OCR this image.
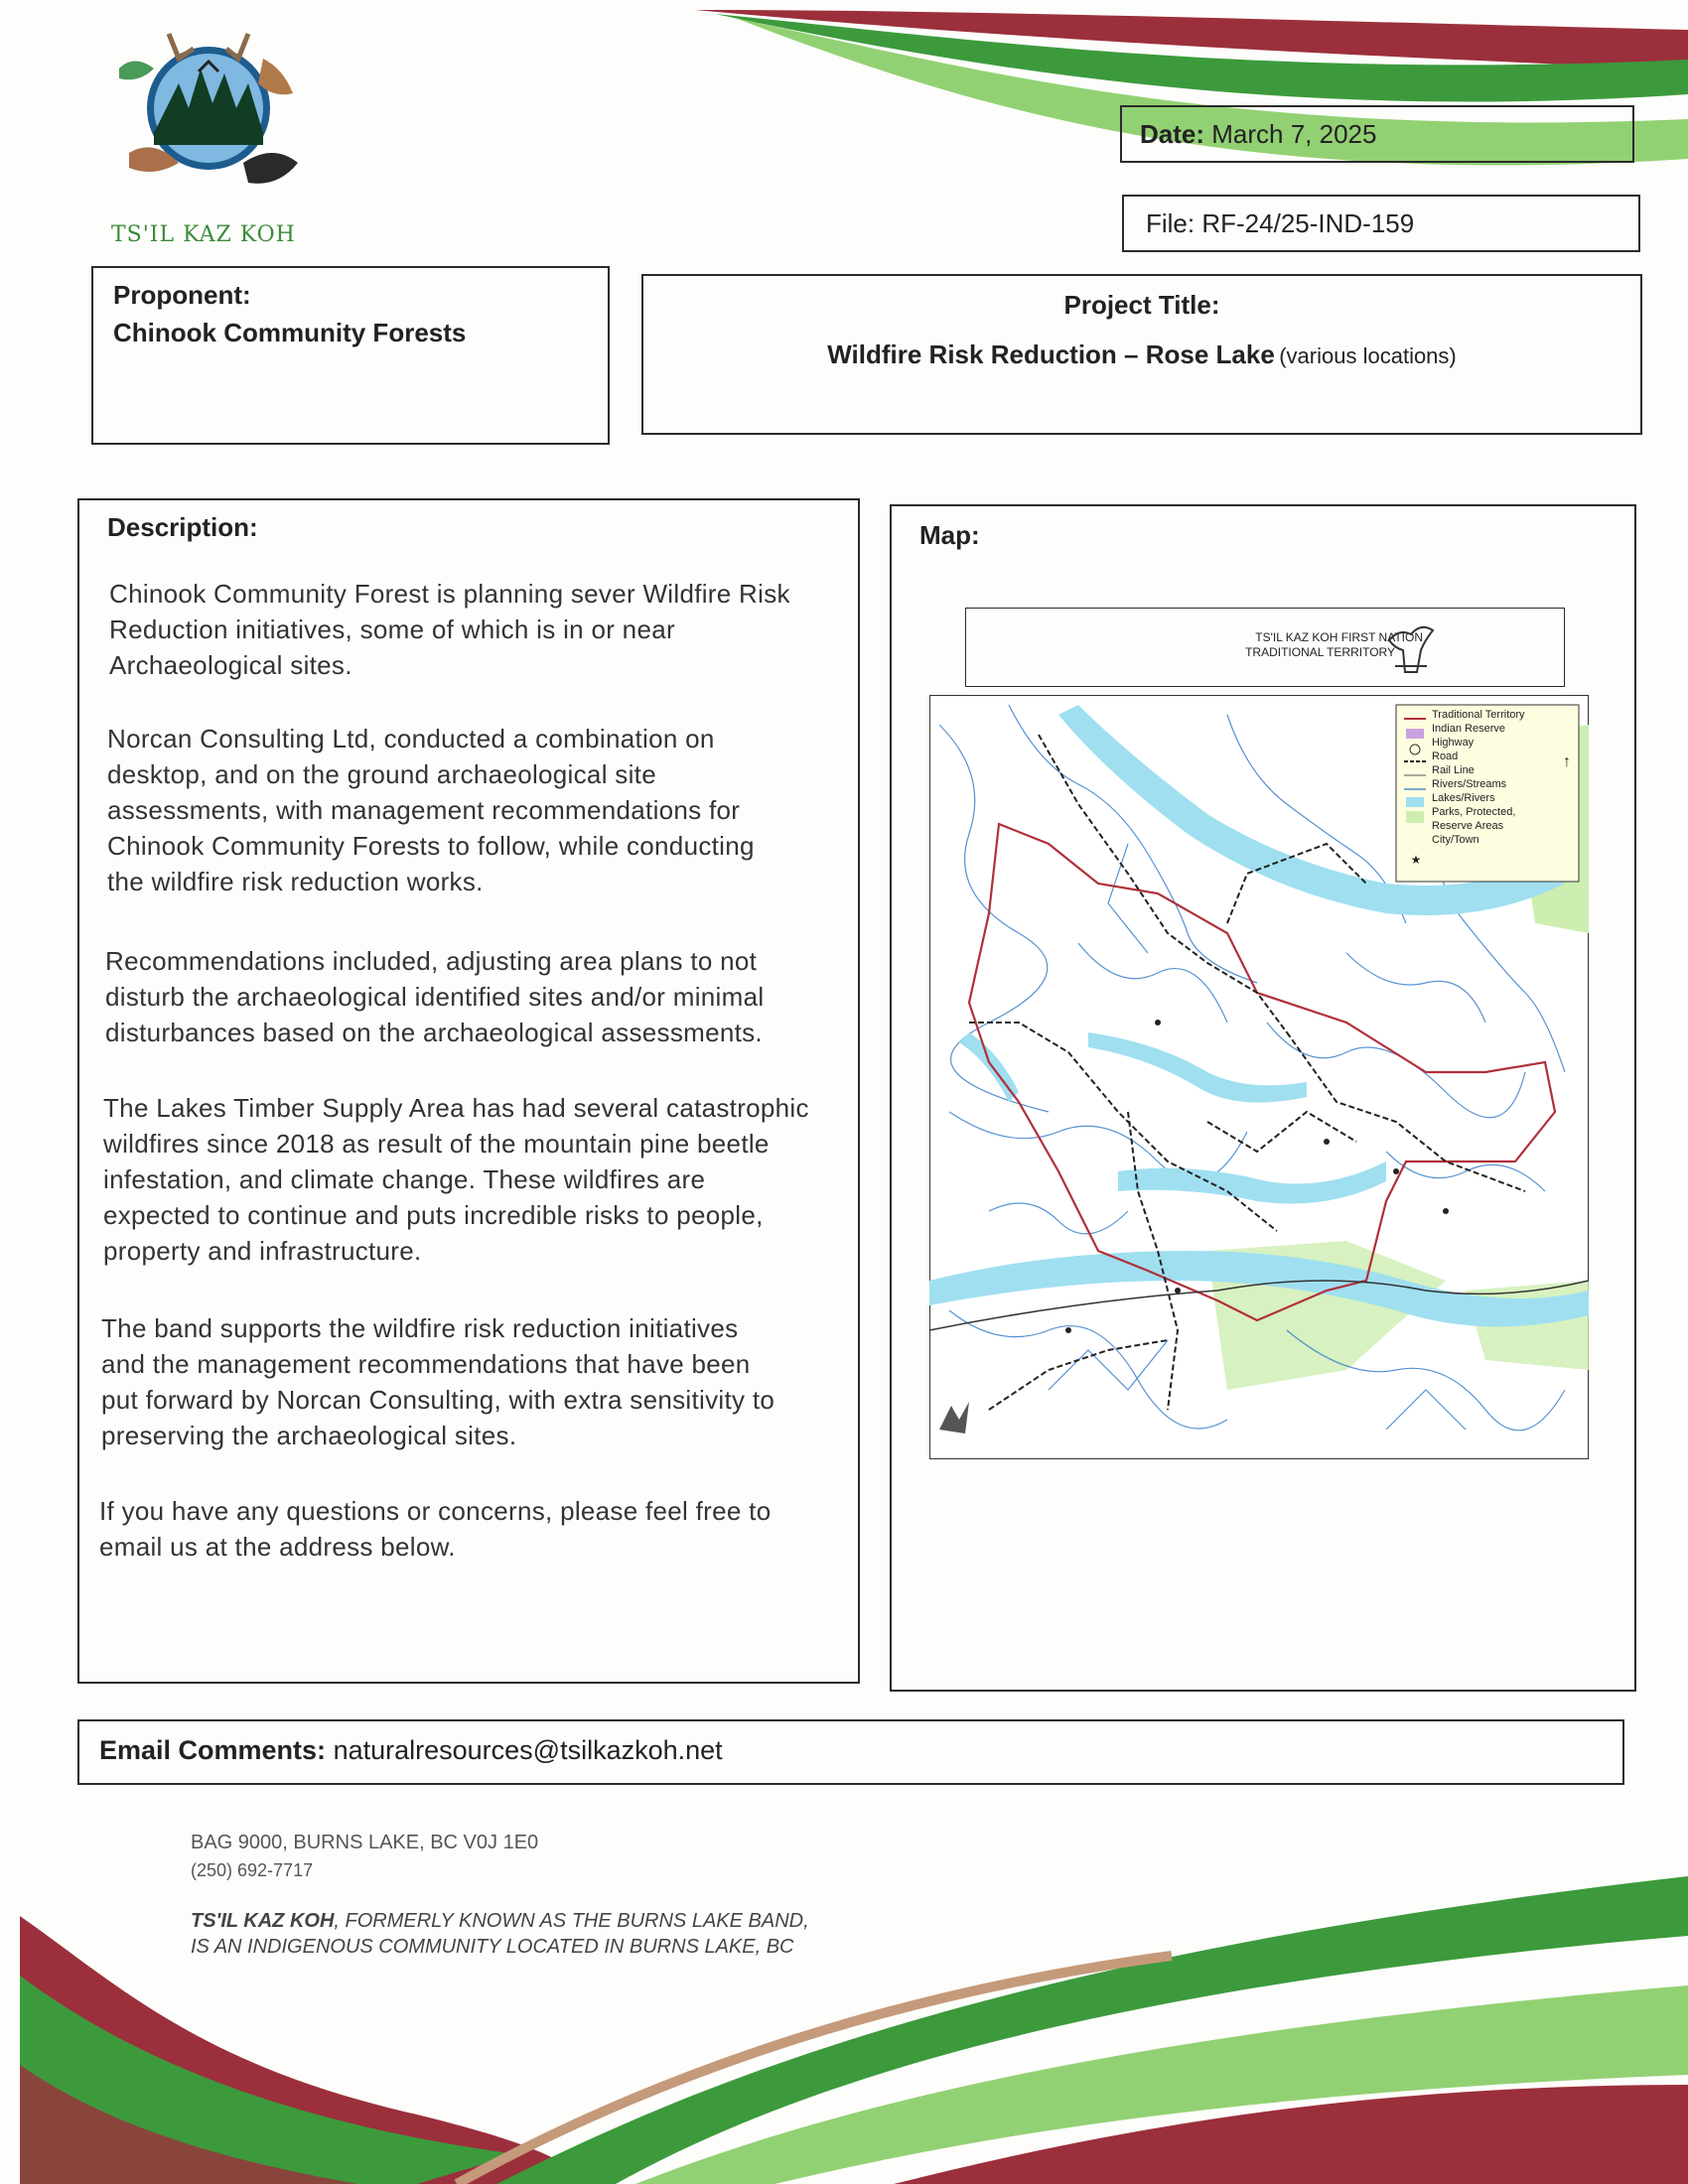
TS'IL KAZ KOH
Date: March 7, 2025
File: RF-24/25-IND-159
Proponent:
Chinook Community Forests
Project Title:
Wildfire Risk Reduction – Rose Lake (various locations)
Description:
Chinook Community Forest is planning sever Wildfire Risk
Reduction initiatives, some of which is in or near
Archaeological sites.
Norcan Consulting Ltd, conducted a combination on
desktop, and on the ground archaeological site
assessments, with management recommendations for
Chinook Community Forests to follow, while conducting
the wildfire risk reduction works.
Recommendations included, adjusting area plans to not
disturb the archaeological identified sites and/or minimal
disturbances based on the archaeological assessments.
The Lakes Timber Supply Area has had several catastrophic
wildfires since 2018 as result of the mountain pine beetle
infestation, and climate change. These wildfires are
expected to continue and puts incredible risks to people,
property and infrastructure.
The band supports the wildfire risk reduction initiatives
and the management recommendations that have been
put forward by Norcan Consulting, with extra sensitivity to
preserving the archaeological sites.
If you have any questions or concerns, please feel free to
email us at the address below.
Map:
TS'IL KAZ KOH FIRST NATION
TRADITIONAL TERRITORY
★
↑
Traditional Territory
Indian Reserve
Highway
Road
Rail Line
Rivers/Streams
Lakes/Rivers
Parks, Protected,
Reserve Areas
City/Town
Email Comments: naturalresources@tsilkazkoh.net
BAG 9000, BURNS LAKE, BC V0J 1E0
(250) 692-7717
TS'IL KAZ KOH, FORMERLY KNOWN AS THE BURNS LAKE BAND,
IS AN INDIGENOUS COMMUNITY LOCATED IN BURNS LAKE, BC
